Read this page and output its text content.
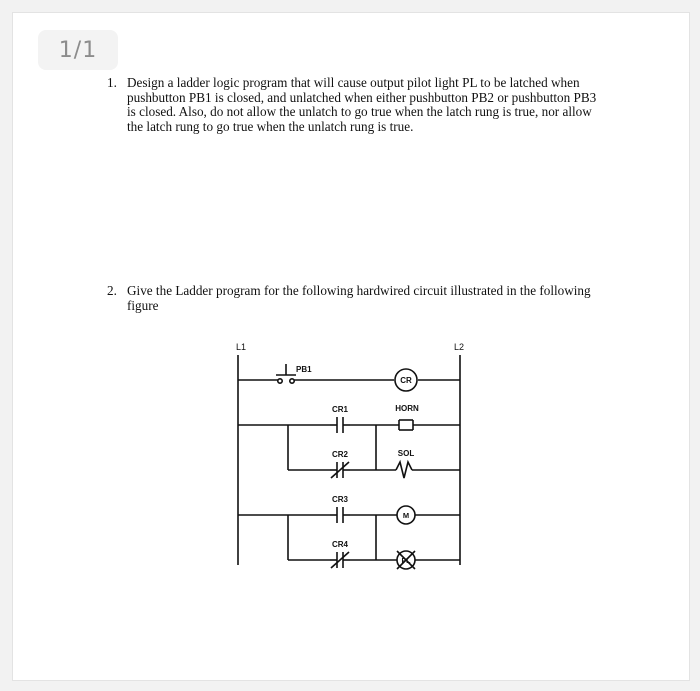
1/1
1. Design a ladder logic program that will cause output pilot light PL to be latched when
pushbutton PB1 is closed, and unlatched when either pushbutton PB2 or pushbutton PB3
is closed. Also, do not allow the unlatch to go true when the latch rung is true, nor allow
the latch rung to go true when the unlatch rung is true.
2. Give the Ladder program for the following hardwired circuit illustrated in the following
figure
L1	L2
PB1
CR
HORN
CR1
CR2	SOL
CR3
M
CR4
PL
